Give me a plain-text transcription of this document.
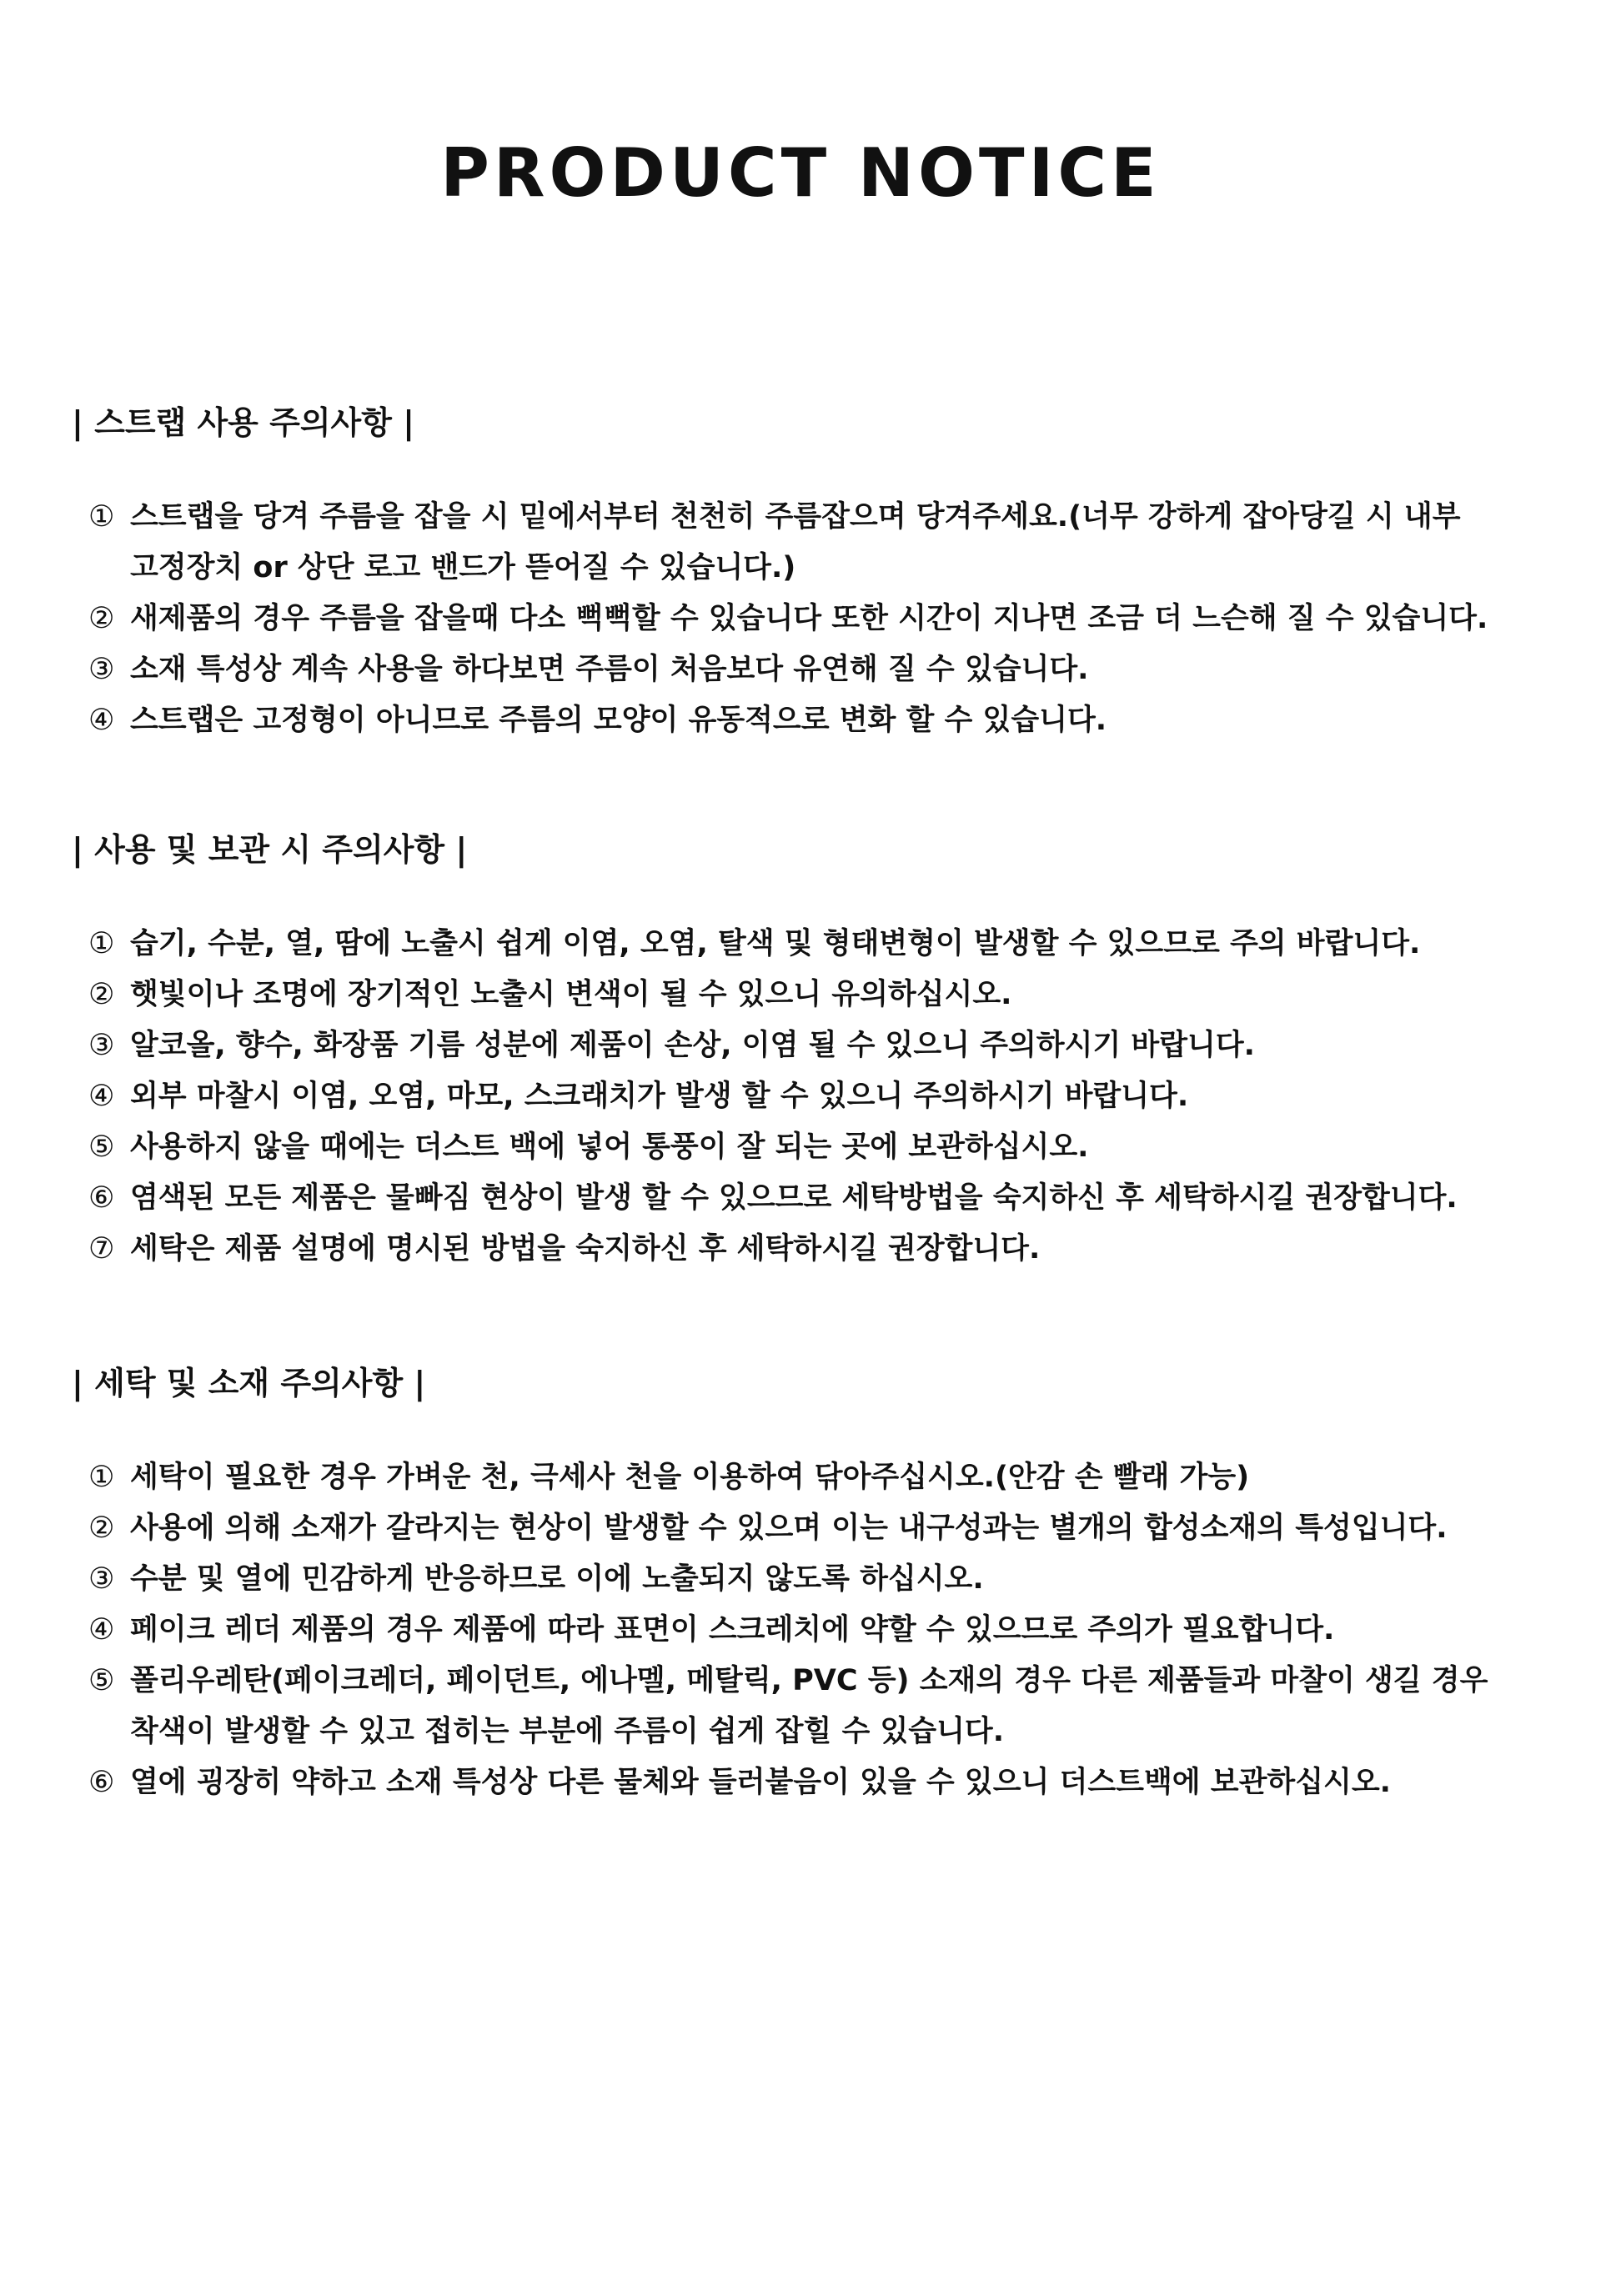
PRODUCT NOTICE
| 스트랩 사용 주의사항 |
① 스트랩을 당겨 주름을 잡을 시 밑에서부터 천천히 주름잡으며 당겨주세요.(너무 강하게 잡아당길 시 내부
고정장치 or 상단 로고 밴드가 뜯어질 수 있습니다.)
② 새제품의 경우 주름을 잡을때 다소 뻑뻑할 수 있습니다 또한 시간이 지나면 조금 더 느슨해 질 수 있습니다.
③ 소재 특성상 계속 사용을 하다보면 주름이 처음보다 유연해 질 수 있습니다.
④ 스트랩은 고정형이 아니므로 주름의 모양이 유동적으로 변화 할 수 있습니다.
| 사용 및 보관 시 주의사항 |
① 습기, 수분, 열, 땀에 노출시 쉽게 이염, 오염, 탈색 및 형태변형이 발생할 수 있으므로 주의 바랍니다.
② 햇빛이나 조명에 장기적인 노출시 변색이 될 수 있으니 유의하십시오.
③ 알코올, 향수, 화장품 기름 성분에 제품이 손상, 이염 될 수 있으니 주의하시기 바랍니다.
④ 외부 마찰시 이염, 오염, 마모, 스크래치가 발생 할 수 있으니 주의하시기 바랍니다.
⑤ 사용하지 않을 때에는 더스트 백에 넣어 통풍이 잘 되는 곳에 보관하십시오.
⑥ 염색된 모든 제품은 물빠짐 현상이 발생 할 수 있으므로 세탁방법을 숙지하신 후 세탁하시길 권장합니다.
⑦ 세탁은 제품 설명에 명시된 방법을 숙지하신 후 세탁하시길 권장합니다.
| 세탁 및 소재 주의사항 |
① 세탁이 필요한 경우 가벼운 천, 극세사 천을 이용하여 닦아주십시오.(안감 손 빨래 가능)
② 사용에 의해 소재가 갈라지는 현상이 발생할 수 있으며 이는 내구성과는 별개의 합성소재의 특성입니다.
③ 수분 및 열에 민감하게 반응하므로 이에 노출되지 않도록 하십시오.
④ 페이크 레더 제품의 경우 제품에 따라 표면이 스크레치에 약할 수 있으므로 주의가 필요합니다.
⑤ 폴리우레탄(페이크레더, 페이던트, 에나멜, 메탈릭, PVC 등) 소재의 경우 다른 제품들과 마찰이 생길 경우
착색이 발생할 수 있고 접히는 부분에 주름이 쉽게 잡힐 수 있습니다.
⑥ 열에 굉장히 약하고 소재 특성상 다른 물체와 들러붙음이 있을 수 있으니 더스트백에 보관하십시오.
